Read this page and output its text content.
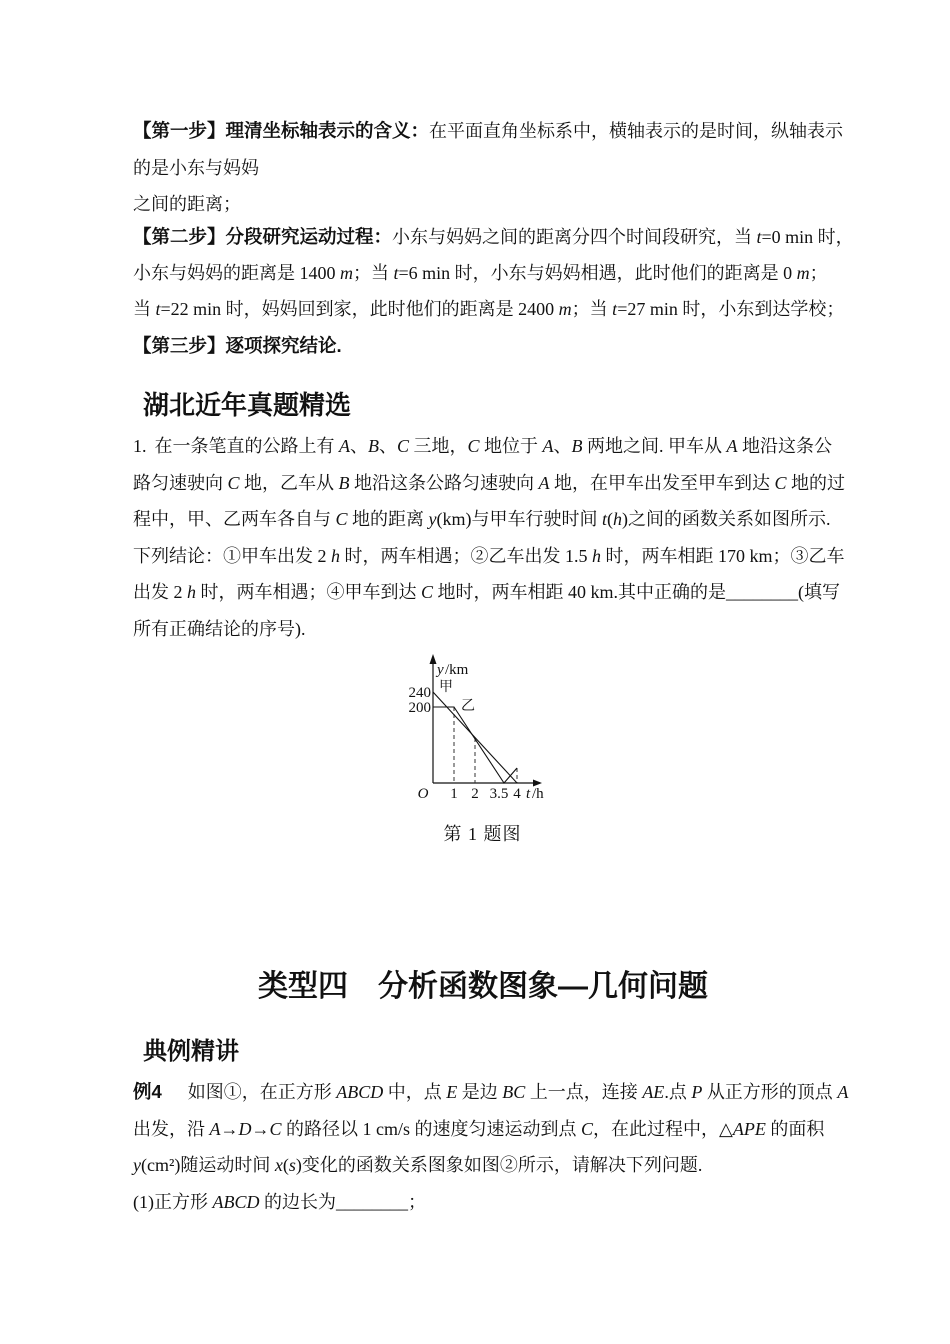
【第一步】理清坐标轴表示的含义：在平面直角坐标系中，横轴表示的是时间，纵轴表示
的是小东与妈妈
之间的距离；
【第二步】分段研究运动过程：小东与妈妈之间的距离分四个时间段研究，当 t=0 min 时，
小东与妈妈的距离是 1400 m；当 t=6 min 时，小东与妈妈相遇，此时他们的距离是 0 m；
当 t=22 min 时，妈妈回到家，此时他们的距离是 2400 m；当 t=27 min 时，小东到达学校；
【第三步】逐项探究结论.
湖北近年真题精选
1. 在一条笔直的公路上有 A、B、C 三地，C 地位于 A、B 两地之间. 甲车从 A 地沿这条公
路匀速驶向 C 地，乙车从 B 地沿这条公路匀速驶向 A 地，在甲车出发至甲车到达 C 地的过
程中，甲、乙两车各自与 C 地的距离 y(km)与甲车行驶时间 t(h)之间的函数关系如图所示.
下列结论：①甲车出发 2 h 时，两车相遇；②乙车出发 1.5 h 时，两车相距 170 km；③乙车
出发 2 h 时，两车相遇；④甲车到达 C 地时，两车相距 40 km.其中正确的是________(填写
所有正确结论的序号).
y /km
240
200
甲
乙
O 1 2 3.5 4 t /h
第 1 题图
类型四　分析函数图象—几何问题
典例精讲
例4 如图①，在正方形 ABCD 中，点 E 是边 BC 上一点，连接 AE.点 P 从正方形的顶点 A
出发，沿 A→D→C 的路径以 1 cm/s 的速度匀速运动到点 C，在此过程中，△APE 的面积
y(cm²)随运动时间 x(s)变化的函数关系图象如图②所示，请解决下列问题.
(1)正方形 ABCD 的边长为________；
